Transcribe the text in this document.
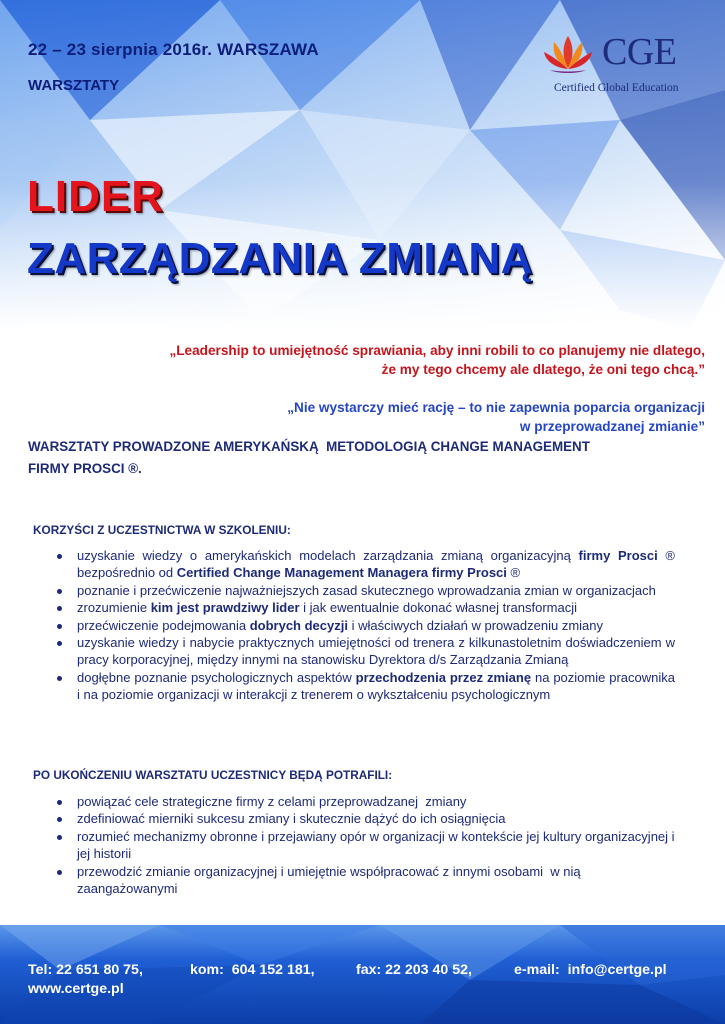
22 – 23 sierpnia 2016r. WARSZAWA
WARSZTATY
CGE
Certified Global Education
LIDER
ZARZĄDZANIA ZMIANĄ
„Leadership to umiejętność sprawiania, aby inni robili to co planujemy nie dlatego,
że my tego chcemy ale dlatego, że oni tego chcą.”
„Nie wystarczy mieć rację – to nie zapewnia poparcia organizacji
w przeprowadzanej zmianie”
WARSZTATY PROWADZONE AMERYKAŃSKĄ  METODOLOGIĄ CHANGE MANAGEMENT
FIRMY PROSCI ®.
KORZYŚCI Z UCZESTNICTWA W SZKOLENIU:
uzyskanie wiedzy o amerykańskich modelach zarządzania zmianą organizacyjną firmy Prosci ® bezpośrednio od Certified Change Management Managera firmy Prosci ®
poznanie i przećwiczenie najważniejszych zasad skutecznego wprowadzania zmian w organizacjach
zrozumienie kim jest prawdziwy lider i jak ewentualnie dokonać własnej transformacji
przećwiczenie podejmowania dobrych decyzji i właściwych działań w prowadzeniu zmiany
uzyskanie wiedzy i nabycie praktycznych umiejętności od trenera z kilkunastoletnim doświadczeniem w pracy korporacyjnej, między innymi na stanowisku Dyrektora d/s Zarządzania Zmianą
dogłębne poznanie psychologicznych aspektów przechodzenia przez zmianę na poziomie pracownika i na poziomie organizacji w interakcji z trenerem o wykształceniu psychologicznym
PO UKOŃCZENIU WARSZTATU UCZESTNICY BĘDĄ POTRAFILI:
powiązać cele strategiczne firmy z celami przeprowadzanej  zmiany
zdefiniować mierniki sukcesu zmiany i skutecznie dążyć do ich osiągnięcia
rozumieć mechanizmy obronne i przejawiany opór w organizacji w kontekście jej kultury organizacyjnej i jej historii
przewodzić zmianie organizacyjnej i umiejętnie współpracować z innymi osobami  w nią zaangażowanymi
Tel: 22 651 80 75,	kom:  604 152 181,	fax: 22 203 40 52,	e-mail:  info@certge.pl
www.certge.pl
